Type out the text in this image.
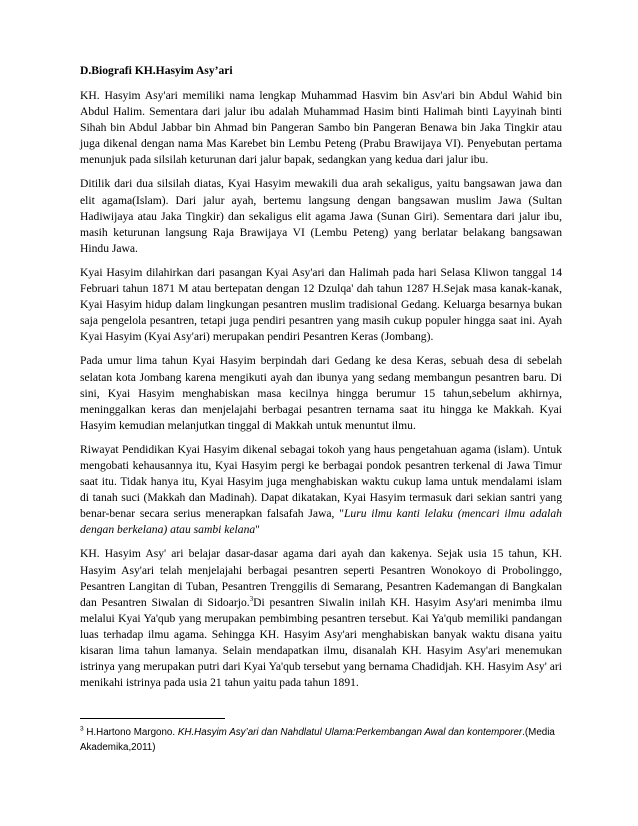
D.Biografi KH.Hasyim Asy’ari

KH. Hasyim Asy'ari memiliki nama lengkap Muhammad Hasvim bin Asv'ari bin Abdul Wahid bin Abdul Halim. Sementara dari jalur ibu adalah Muhammad Hasim binti Halimah binti Layyinah binti Sihah bin Abdul Jabbar bin Ahmad bin Pangeran Sambo bin Pangeran Benawa bin Jaka Tingkir atau juga dikenal dengan nama Mas Karebet bin Lembu Peteng (Prabu Brawijaya VI). Penyebutan pertama menunjuk pada silsilah keturunan dari jalur bapak, sedangkan yang kedua dari jalur ibu.

Ditilik dari dua silsilah diatas, Kyai Hasyim mewakili dua arah sekaligus, yaitu bangsawan jawa dan elit agama(Islam). Dari jalur ayah, bertemu langsung dengan bangsawan muslim Jawa (Sultan Hadiwijaya atau Jaka Tingkir) dan sekaligus elit agama Jawa (Sunan Giri). Sementara dari jalur ibu, masih keturunan langsung Raja Brawijaya VI (Lembu Peteng) yang berlatar belakang bangsawan Hindu Jawa.

Kyai Hasyim dilahirkan dari pasangan Kyai Asy'ari dan Halimah pada hari Selasa Kliwon tanggal 14 Februari tahun 1871 M atau bertepatan dengan 12 Dzulqa' dah tahun 1287 H.Sejak masa kanak-kanak, Kyai Hasyim hidup dalam lingkungan pesantren muslim tradisional Gedang. Keluarga besarnya bukan saja pengelola pesantren, tetapi juga pendiri pesantren yang masih cukup populer hingga saat ini. Ayah Kyai Hasyim (Kyai Asy'ari) merupakan pendiri Pesantren Keras (Jombang).

Pada umur lima tahun Kyai Hasyim berpindah dari Gedang ke desa Keras, sebuah desa di sebelah selatan kota Jombang karena mengikuti ayah dan ibunya yang sedang membangun pesantren baru. Di sini, Kyai Hasyim menghabiskan masa kecilnya hingga berumur 15 tahun,sebelum akhirnya, meninggalkan keras dan menjelajahi berbagai pesantren ternama saat itu hingga ke Makkah. Kyai Hasyim kemudian melanjutkan tinggal di Makkah untuk menuntut ilmu.

Riwayat Pendidikan Kyai Hasyim dikenal sebagai tokoh yang haus pengetahuan agama (islam). Untuk mengobati kehausannya itu, Kyai Hasyim pergi ke berbagai pondok pesantren terkenal di Jawa Timur saat itu. Tidak hanya itu, Kyai Hasyim juga menghabiskan waktu cukup lama untuk mendalami islam di tanah suci (Makkah dan Madinah). Dapat dikatakan, Kyai Hasyim termasuk dari sekian santri yang benar-benar secara serius menerapkan falsafah Jawa, "Luru ilmu kanti lelaku (mencari ilmu adalah dengan berkelana) atau sambi kelana"

KH. Hasyim Asy' ari belajar dasar-dasar agama dari ayah dan kakenya. Sejak usia 15 tahun, KH. Hasyim Asy'ari telah menjelajahi berbagai pesantren seperti Pesantren Wonokoyo di Probolinggo, Pesantren Langitan di Tuban, Pesantren Trenggilis di Semarang, Pesantren Kademangan di Bangkalan dan Pesantren Siwalan di Sidoarjo.$^3$Di pesantren Siwalin inilah KH. Hasyim Asy'ari menimba ilmu melalui Kyai Ya'qub yang merupakan pembimbing pesantren tersebut. Kai Ya'qub memiliki pandangan luas terhadap ilmu agama. Sehingga KH. Hasyim Asy'ari menghabiskan banyak waktu disana yaitu kisaran lima tahun lamanya. Selain mendapatkan ilmu, disanalah KH. Hasyim Asy'ari menemukan istrinya yang merupakan putri dari Kyai Ya'qub tersebut yang bernama Chadidjah. KH. Hasyim Asy' ari menikahi istrinya pada usia 21 tahun yaitu pada tahun 1891.

$^3$ H.Hartono Margono. KH.Hasyim Asy’ari dan Nahdlatul Ulama:Perkembangan Awal dan kontemporer.(Media Akademika,2011)
